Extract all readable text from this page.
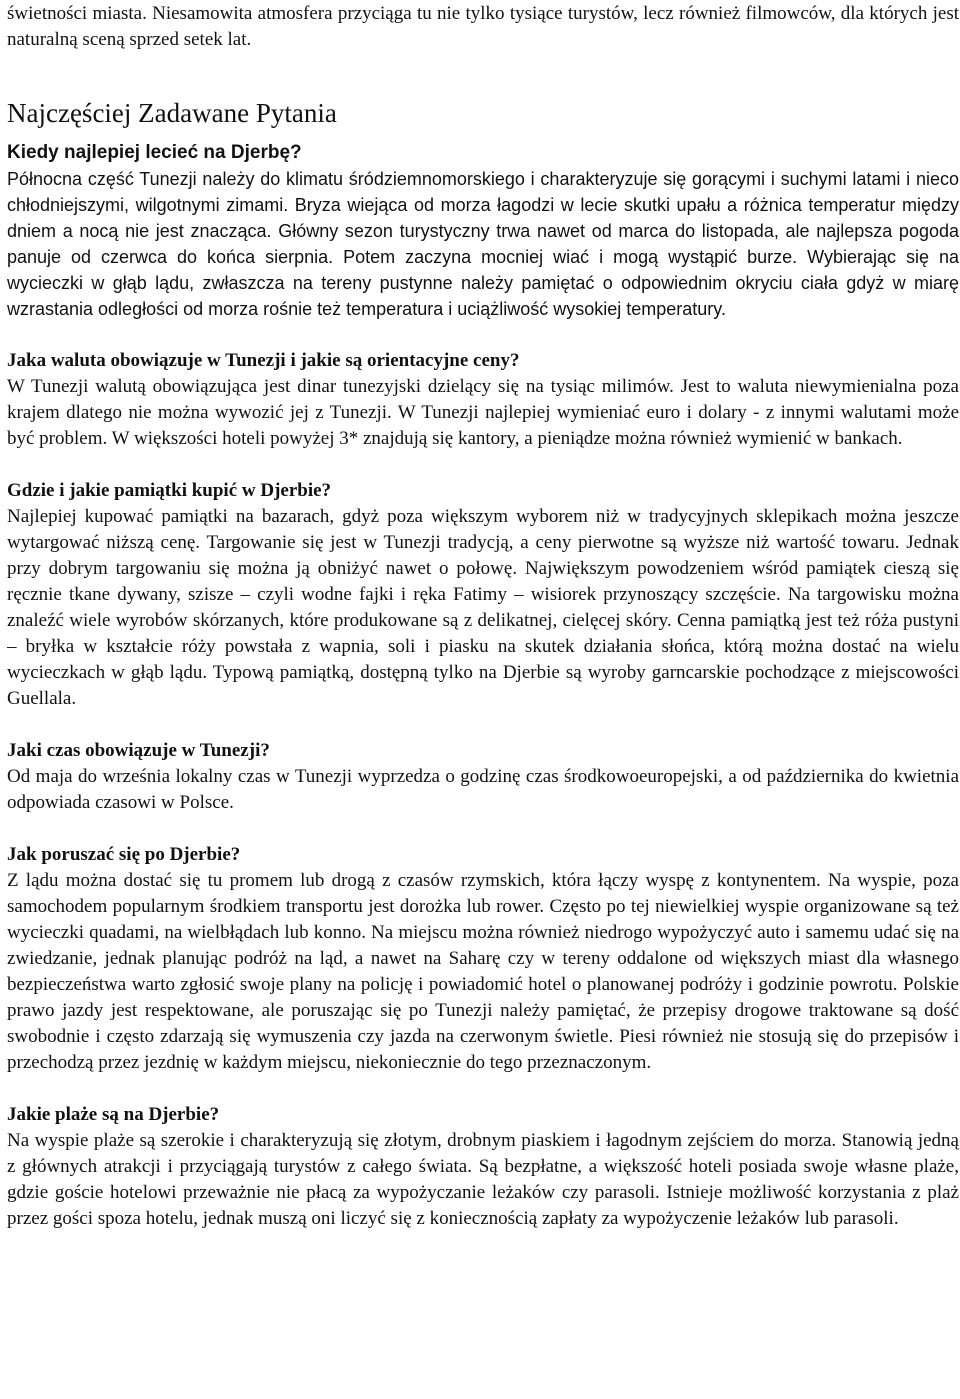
świetności miasta. Niesamowita atmosfera przyciąga tu nie tylko tysiące turystów, lecz również filmowców, dla których jest naturalną sceną sprzed setek lat.

Najczęściej Zadawane Pytania

Kiedy najlepiej lecieć na Djerbę?

Północna część Tunezji należy do klimatu śródziemnomorskiego i charakteryzuje się gorącymi i suchymi latami i nieco chłodniejszymi, wilgotnymi zimami. Bryza wiejąca od morza łagodzi w lecie skutki upału a różnica temperatur między dniem a nocą nie jest znacząca. Główny sezon turystyczny trwa nawet od marca do listopada, ale najlepsza pogoda panuje od czerwca do końca sierpnia. Potem zaczyna mocniej wiać i mogą wystąpić burze. Wybierając się na wycieczki w głąb lądu, zwłaszcza na tereny pustynne należy pamiętać o odpowiednim okryciu ciała gdyż w miarę wzrastania odległości od morza rośnie też temperatura i uciążliwość wysokiej temperatury.

Jaka waluta obowiązuje w Tunezji i jakie są orientacyjne ceny?

W Tunezji walutą obowiązująca jest dinar tunezyjski dzielący się na tysiąc milimów. Jest to waluta niewymienialna poza krajem dlatego nie można wywozić jej z Tunezji. W Tunezji najlepiej wymieniać euro i dolary - z innymi walutami może być problem. W większości hoteli powyżej 3* znajdują się kantory, a pieniądze można również wymienić w bankach.

Gdzie i jakie pamiątki kupić w Djerbie?

Najlepiej kupować pamiątki na bazarach, gdyż poza większym wyborem niż w tradycyjnych sklepikach można jeszcze wytargować niższą cenę. Targowanie się jest w Tunezji tradycją, a ceny pierwotne są wyższe niż wartość towaru. Jednak przy dobrym targowaniu się można ją obniżyć nawet o połowę. Największym powodzeniem wśród pamiątek cieszą się ręcznie tkane dywany, szisze – czyli wodne fajki i ręka Fatimy – wisiorek przynoszący szczęście. Na targowisku można znaleźć wiele wyrobów skórzanych, które produkowane są z delikatnej, cielęcej skóry. Cenna pamiątką jest też róża pustyni – bryłka w kształcie róży powstała z wapnia, soli i piasku na skutek działania słońca, którą można dostać na wielu wycieczkach w głąb lądu. Typową pamiątką, dostępną tylko na Djerbie są wyroby garncarskie pochodzące z miejscowości Guellala.

Jaki czas obowiązuje w Tunezji?

Od maja do września lokalny czas w Tunezji wyprzedza o godzinę czas środkowoeuropejski, a od października do kwietnia odpowiada czasowi w Polsce.

Jak poruszać się po Djerbie?

Z lądu można dostać się tu promem lub drogą z czasów rzymskich, która łączy wyspę z kontynentem. Na wyspie, poza samochodem popularnym środkiem transportu jest dorożka lub rower. Często po tej niewielkiej wyspie organizowane są też wycieczki quadami, na wielbłądach lub konno. Na miejscu można również niedrogo wypożyczyć auto i samemu udać się na zwiedzanie, jednak planując podróż na ląd, a nawet na Saharę czy w tereny oddalone od większych miast dla własnego bezpieczeństwa warto zgłosić swoje plany na policję i powiadomić hotel o planowanej podróży i godzinie powrotu. Polskie prawo jazdy jest respektowane, ale poruszając się po Tunezji należy pamiętać, że przepisy drogowe traktowane są dość swobodnie i często zdarzają się wymuszenia czy jazda na czerwonym świetle. Piesi również nie stosują się do przepisów i przechodzą przez jezdnię w każdym miejscu, niekoniecznie do tego przeznaczonym.

Jakie plaże są na Djerbie?

Na wyspie plaże są szerokie i charakteryzują się złotym, drobnym piaskiem i łagodnym zejściem do morza. Stanowią jedną z głównych atrakcji i przyciągają turystów z całego świata. Są bezpłatne, a większość hoteli posiada swoje własne plaże, gdzie goście hotelowi przeważnie nie płacą za wypożyczanie leżaków czy parasoli. Istnieje możliwość korzystania z plaż przez gości spoza hotelu, jednak muszą oni liczyć się z koniecznością zapłaty za wypożyczenie leżaków lub parasoli.
